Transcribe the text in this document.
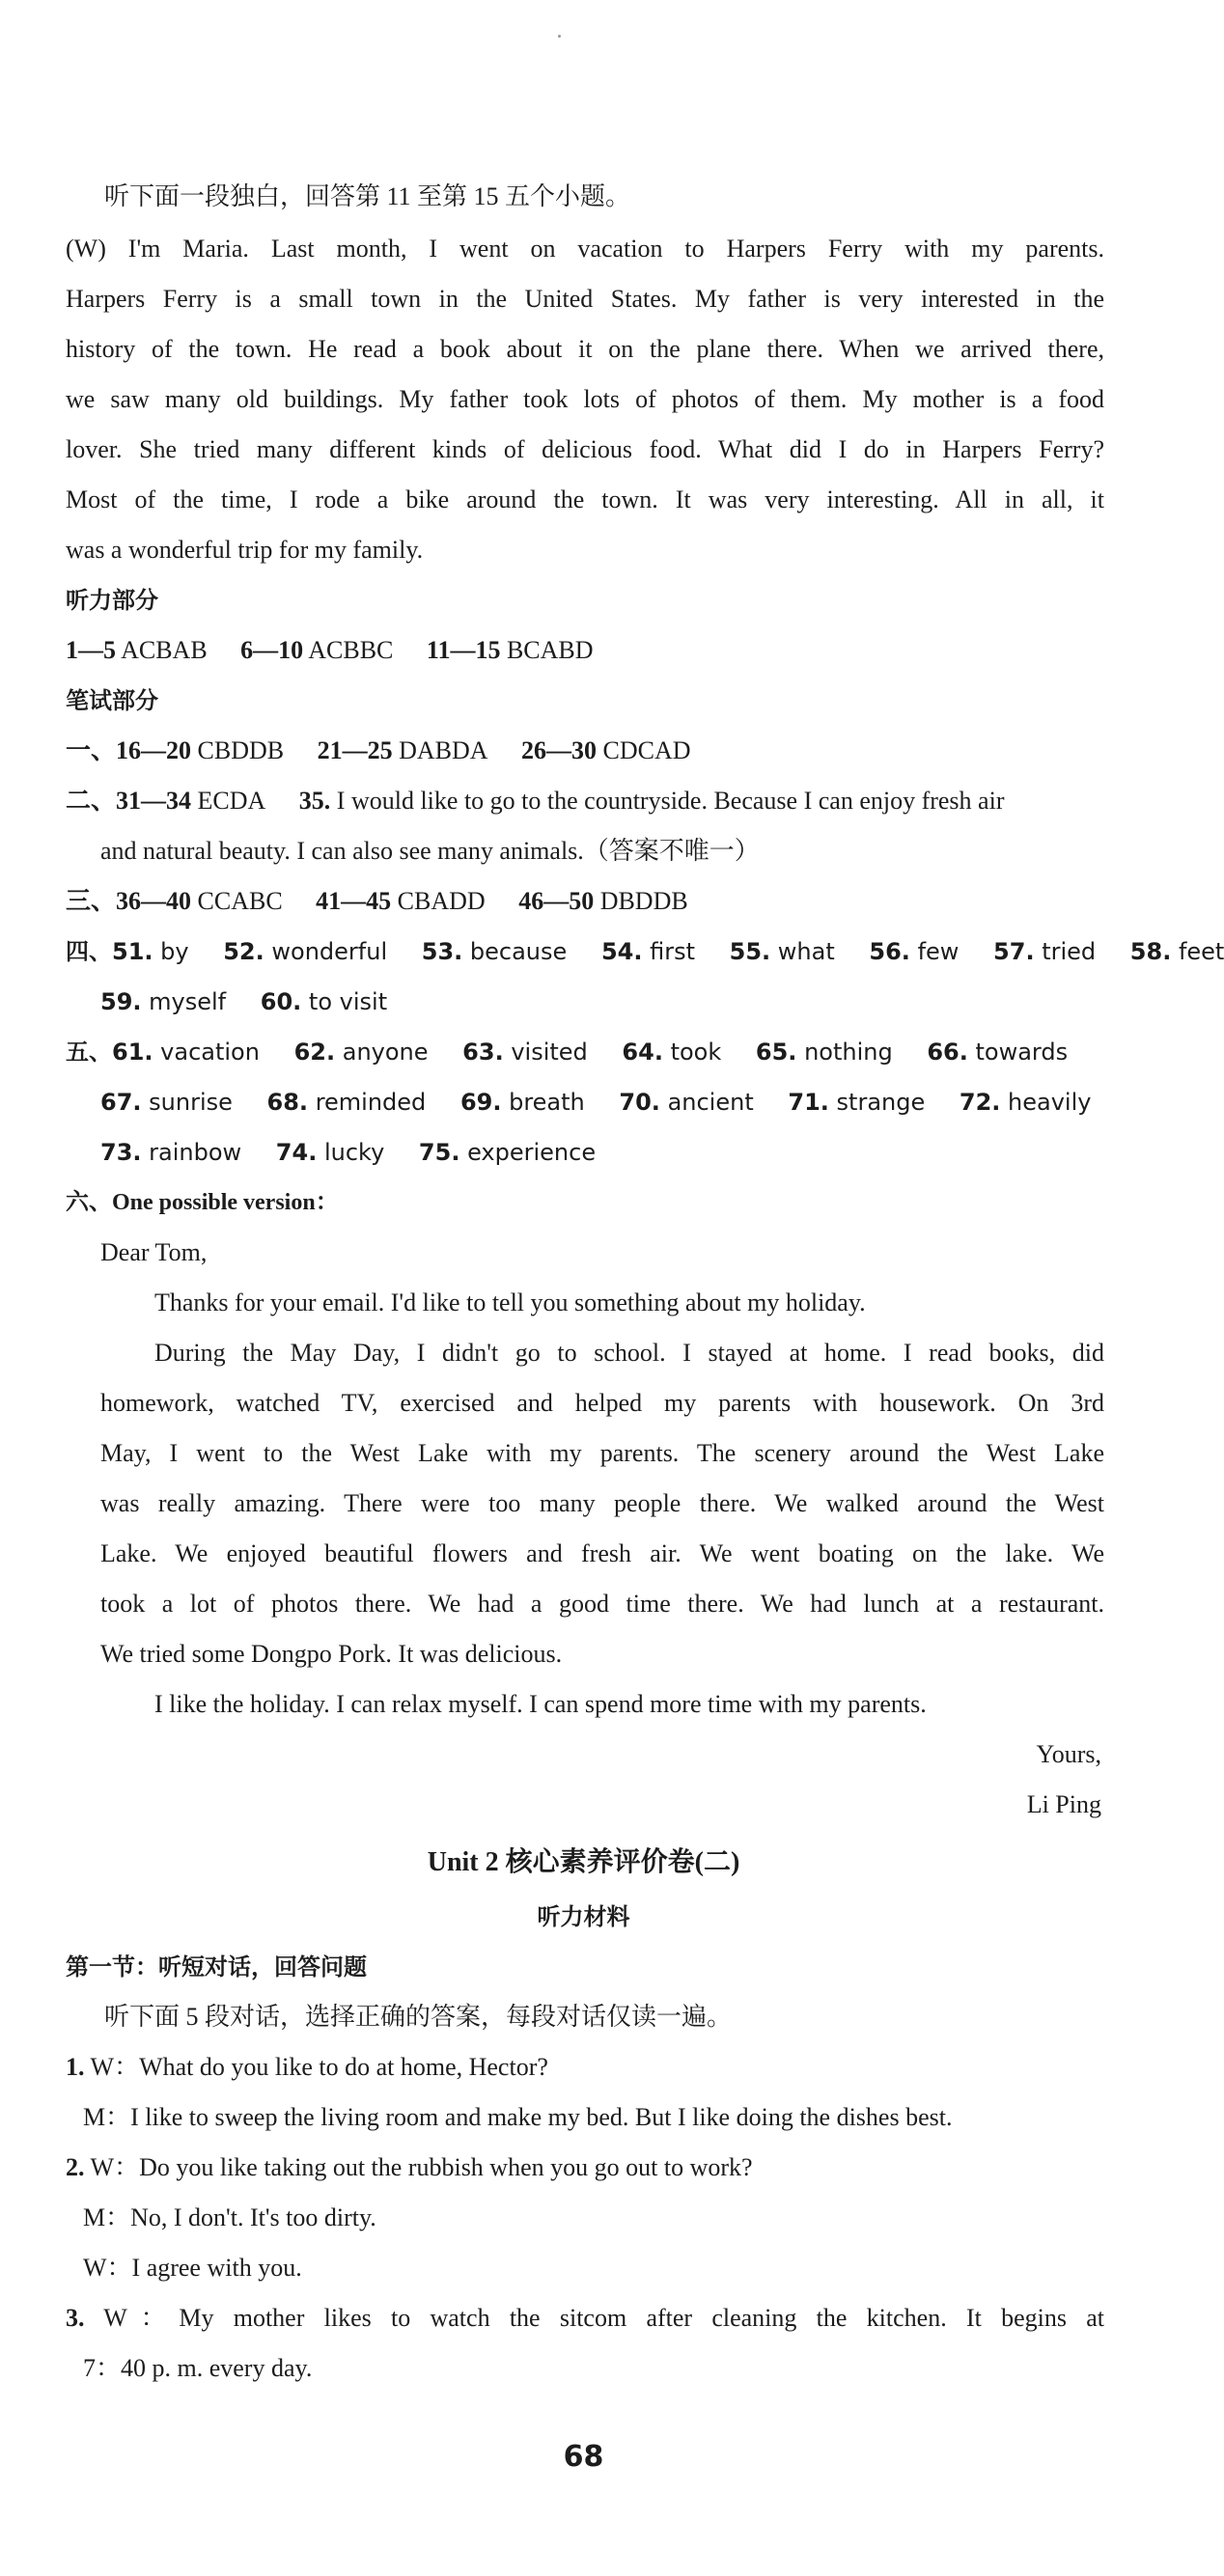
听下面一段独白，回答第 11 至第 15 五个小题。
(W) I'm Maria. Last month, I went on vacation to Harpers Ferry with my parents.
Harpers Ferry is a small town in the United States. My father is very interested in the
history of the town. He read a book about it on the plane there. When we arrived there,
we saw many old buildings. My father took lots of photos of them. My mother is a food
lover. She tried many different kinds of delicious food. What did I do in Harpers Ferry?
Most of the time, I rode a bike around the town. It was very interesting. All in all, it
was a wonderful trip for my family.
听力部分
1—5 ACBAB 6—10 ACBBC 11—15 BCABD
笔试部分
一、16—20 CBDDB 21—25 DABDA 26—30 CDCAD
二、31—34 ECDA 35. I would like to go to the countryside. Because I can enjoy fresh air
and natural beauty. I can also see many animals.（答案不唯一）
三、36—40 CCABC 41—45 CBADD 46—50 DBDDB
四、51. by 52. wonderful 53. because 54. first 55. what 56. few 57. tried 58. feet
59. myself 60. to visit
五、61. vacation 62. anyone 63. visited 64. took 65. nothing 66. towards
67. sunrise 68. reminded 69. breath 70. ancient 71. strange 72. heavily
73. rainbow 74. lucky 75. experience
六、One possible version：
Dear Tom,
Thanks for your email. I'd like to tell you something about my holiday.
During the May Day, I didn't go to school. I stayed at home. I read books, did
homework, watched TV, exercised and helped my parents with housework. On 3rd
May, I went to the West Lake with my parents. The scenery around the West Lake
was really amazing. There were too many people there. We walked around the West
Lake. We enjoyed beautiful flowers and fresh air. We went boating on the lake. We
took a lot of photos there. We had a good time there. We had lunch at a restaurant.
We tried some Dongpo Pork. It was delicious.
I like the holiday. I can relax myself. I can spend more time with my parents.
Yours,
Li Ping
Unit 2 核心素养评价卷(二)
听力材料
第一节：听短对话，回答问题
听下面 5 段对话，选择正确的答案，每段对话仅读一遍。
1. W：What do you like to do at home, Hector?
M：I like to sweep the living room and make my bed. But I like doing the dishes best.
2. W：Do you like taking out the rubbish when you go out to work?
M：No, I don't. It's too dirty.
W：I agree with you.
3. W：My mother likes to watch the sitcom after cleaning the kitchen. It begins at
7：40 p. m. every day.
68
